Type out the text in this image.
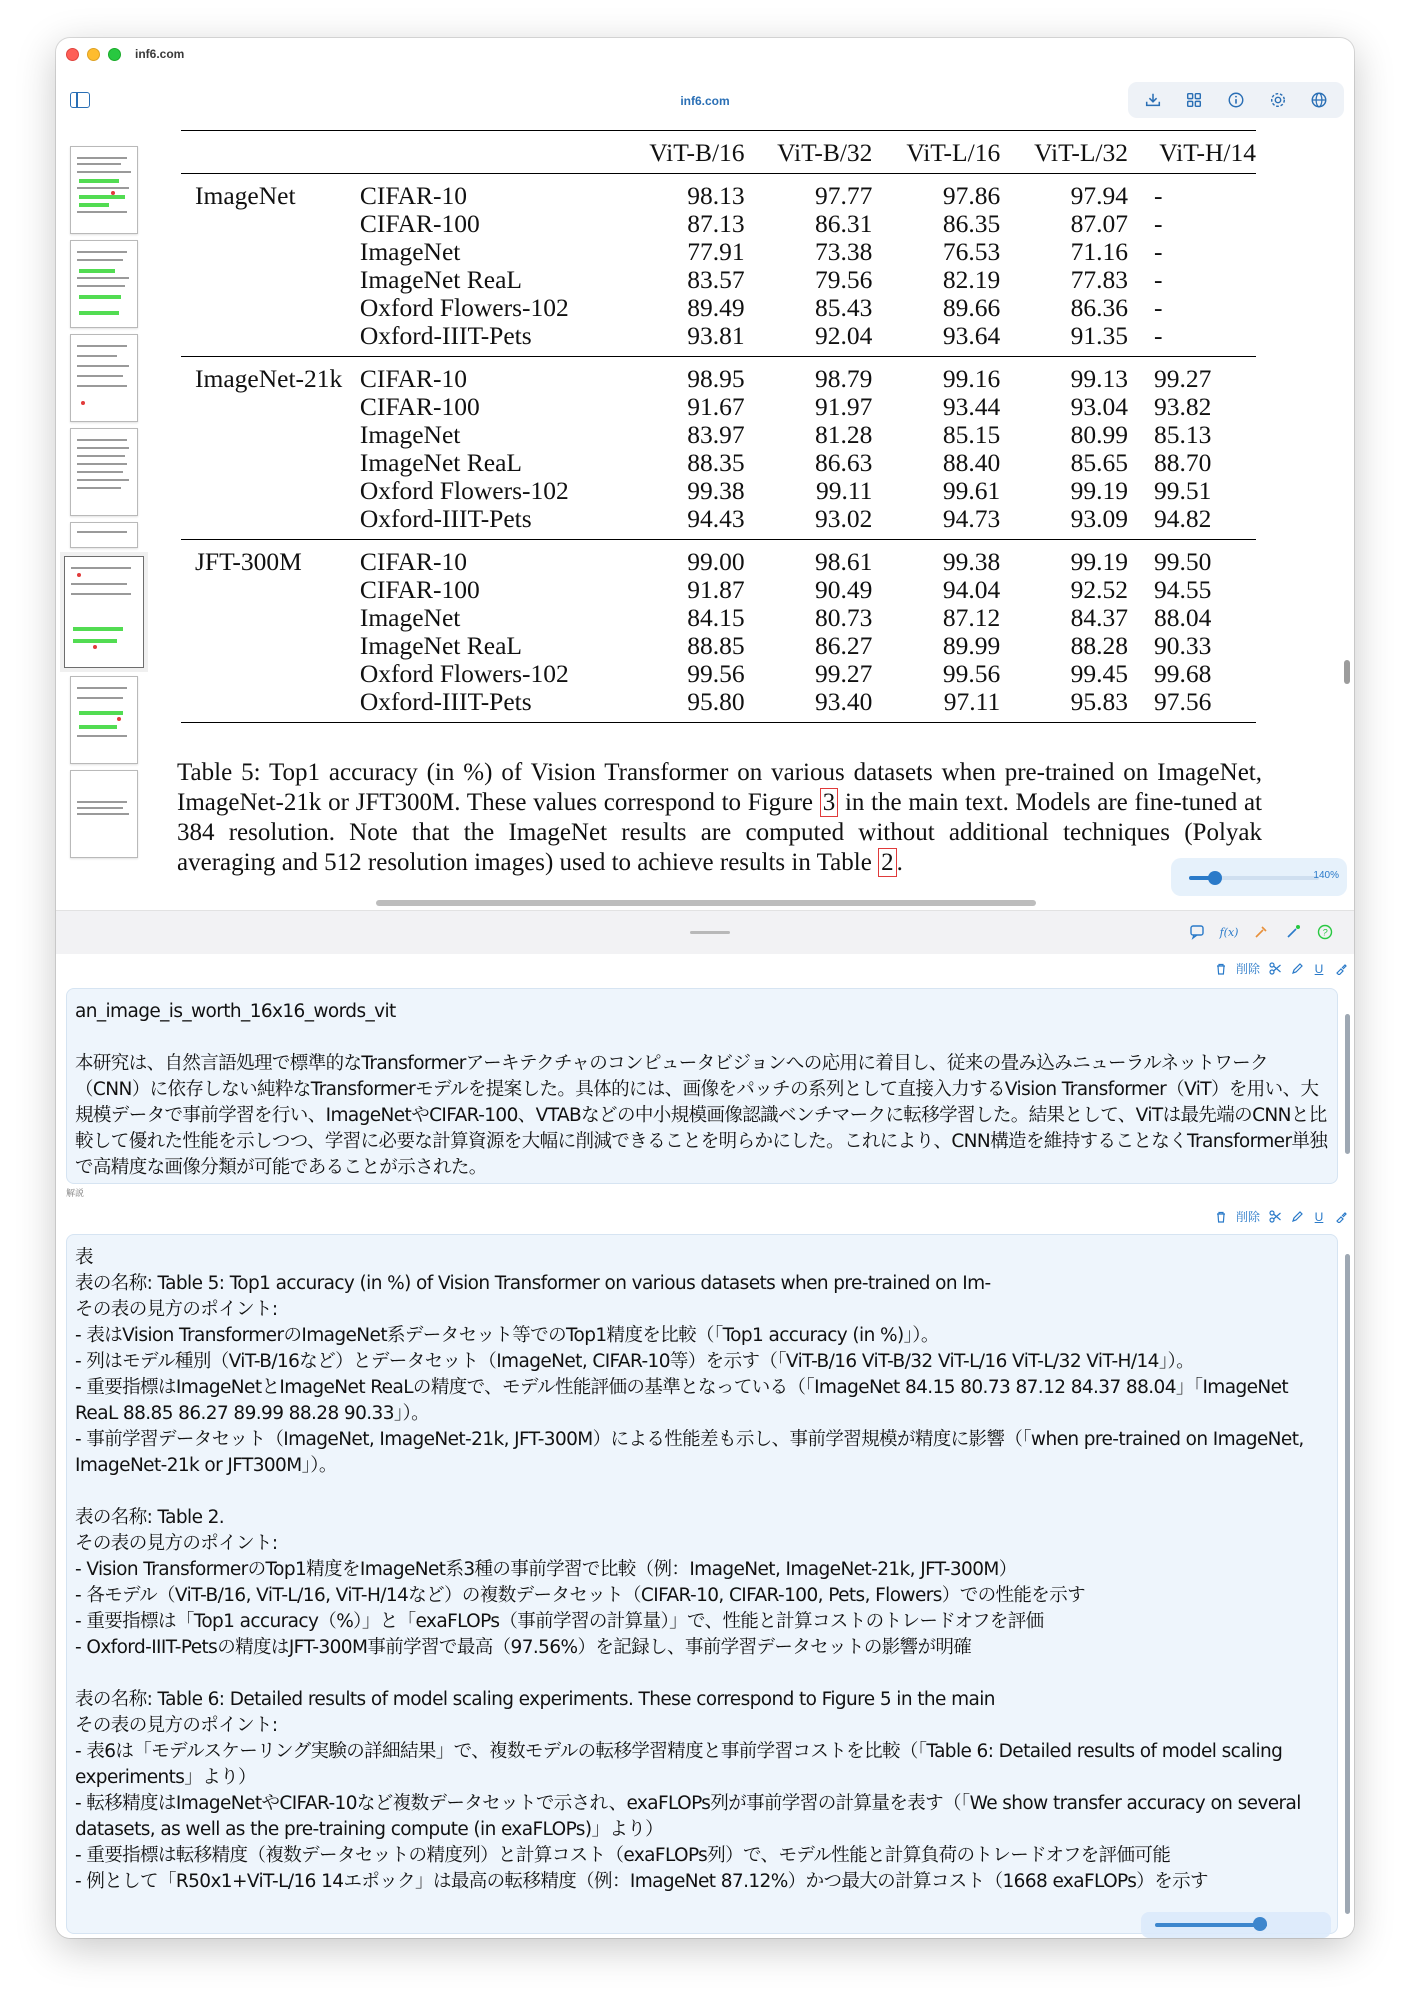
inf6.com
inf6.com
		ViT-B/16	ViT-B/32	ViT-L/16	ViT-L/32	ViT-H/14
ImageNet	CIFAR-10	98.13	97.77	97.86	97.94	-
	CIFAR-100	87.13	86.31	86.35	87.07	-
	ImageNet	77.91	73.38	76.53	71.16	-
	ImageNet ReaL	83.57	79.56	82.19	77.83	-
	Oxford Flowers-102	89.49	85.43	89.66	86.36	-
	Oxford-IIIT-Pets	93.81	92.04	93.64	91.35	-
ImageNet-21k	CIFAR-10	98.95	98.79	99.16	99.13	99.27
	CIFAR-100	91.67	91.97	93.44	93.04	93.82
	ImageNet	83.97	81.28	85.15	80.99	85.13
	ImageNet ReaL	88.35	86.63	88.40	85.65	88.70
	Oxford Flowers-102	99.38	99.11	99.61	99.19	99.51
	Oxford-IIIT-Pets	94.43	93.02	94.73	93.09	94.82
JFT-300M	CIFAR-10	99.00	98.61	99.38	99.19	99.50
	CIFAR-100	91.87	90.49	94.04	92.52	94.55
	ImageNet	84.15	80.73	87.12	84.37	88.04
	ImageNet ReaL	88.85	86.27	89.99	88.28	90.33
	Oxford Flowers-102	99.56	99.27	99.56	99.45	99.68
	Oxford-IIIT-Pets	95.80	93.40	97.11	95.83	97.56
Table 5: Top1 accuracy (in %) of Vision Transformer on various datasets when pre-trained on ImageNet, ImageNet-21k or JFT300M. These values correspond to Figure 3 in the main text. Models are fine-tuned at 384 resolution. Note that the ImageNet results are computed without additional techniques (Polyak averaging and 512 resolution images) used to achieve results in Table 2 .	140%
f(x)	?
削除	U
an_image_is_worth_16x16_words_vit

本研究は、自然言語処理で標準的なTransformerアーキテクチャのコンピュータビジョンへの応用に着目し、従来の畳み込みニューラルネットワーク（CNN）に依存しない純粋なTransformerモデルを提案した。具体的には、画像をパッチの系列として直接入力するVision Transformer（ViT）を用い、大規模データで事前学習を行い、ImageNetやCIFAR-100、VTABなどの中小規模画像認識ベンチマークに転移学習した。結果として、ViTは最先端のCNNと比較して優れた性能を示しつつ、学習に必要な計算資源を大幅に削減できることを明らかにした。これにより、CNN構造を維持することなくTransformer単独で高精度な画像分類が可能であることが示された。
解説
削除	U
表
表の名称: Table 5: Top1 accuracy (in %) of Vision Transformer on various datasets when pre-trained on Im-
その表の見方のポイント:
- 表はVision TransformerのImageNet系データセット等でのTop1精度を比較（「Top1 accuracy (in %)」）。
- 列はモデル種別（ViT-B/16など）とデータセット（ImageNet, CIFAR-10等）を示す（「ViT-B/16 ViT-B/32 ViT-L/16 ViT-L/32 ViT-H/14」）。
- 重要指標はImageNetとImageNet ReaLの精度で、モデル性能評価の基準となっている（「ImageNet 84.15 80.73 87.12 84.37 88.04」「ImageNet ReaL 88.85 86.27 89.99 88.28 90.33」）。
- 事前学習データセット（ImageNet, ImageNet-21k, JFT-300M）による性能差も示し、事前学習規模が精度に影響（「when pre-trained on ImageNet, ImageNet-21k or JFT300M」）。

表の名称: Table 2.
その表の見方のポイント:
- Vision TransformerのTop1精度をImageNet系3種の事前学習で比較（例：ImageNet, ImageNet-21k, JFT-300M）
- 各モデル（ViT-B/16, ViT-L/16, ViT-H/14など）の複数データセット（CIFAR-10, CIFAR-100, Pets, Flowers）での性能を示す
- 重要指標は「Top1 accuracy（%）」と「exaFLOPs（事前学習の計算量）」で、性能と計算コストのトレードオフを評価
- Oxford-IIIT-Petsの精度はJFT-300M事前学習で最高（97.56%）を記録し、事前学習データセットの影響が明確

表の名称: Table 6: Detailed results of model scaling experiments. These correspond to Figure 5 in the main
その表の見方のポイント:
- 表6は「モデルスケーリング実験の詳細結果」で、複数モデルの転移学習精度と事前学習コストを比較（「Table 6: Detailed results of model scaling experiments」より）
- 転移精度はImageNetやCIFAR-10など複数データセットで示され、exaFLOPs列が事前学習の計算量を表す（「We show transfer accuracy on several datasets, as well as the pre-training compute (in exaFLOPs)」より）
- 重要指標は転移精度（複数データセットの精度列）と計算コスト（exaFLOPs列）で、モデル性能と計算負荷のトレードオフを評価可能
- 例として「R50x1+ViT-L/16 14エポック」は最高の転移精度（例：ImageNet 87.12%）かつ最大の計算コスト（1668 exaFLOPs）を示す
